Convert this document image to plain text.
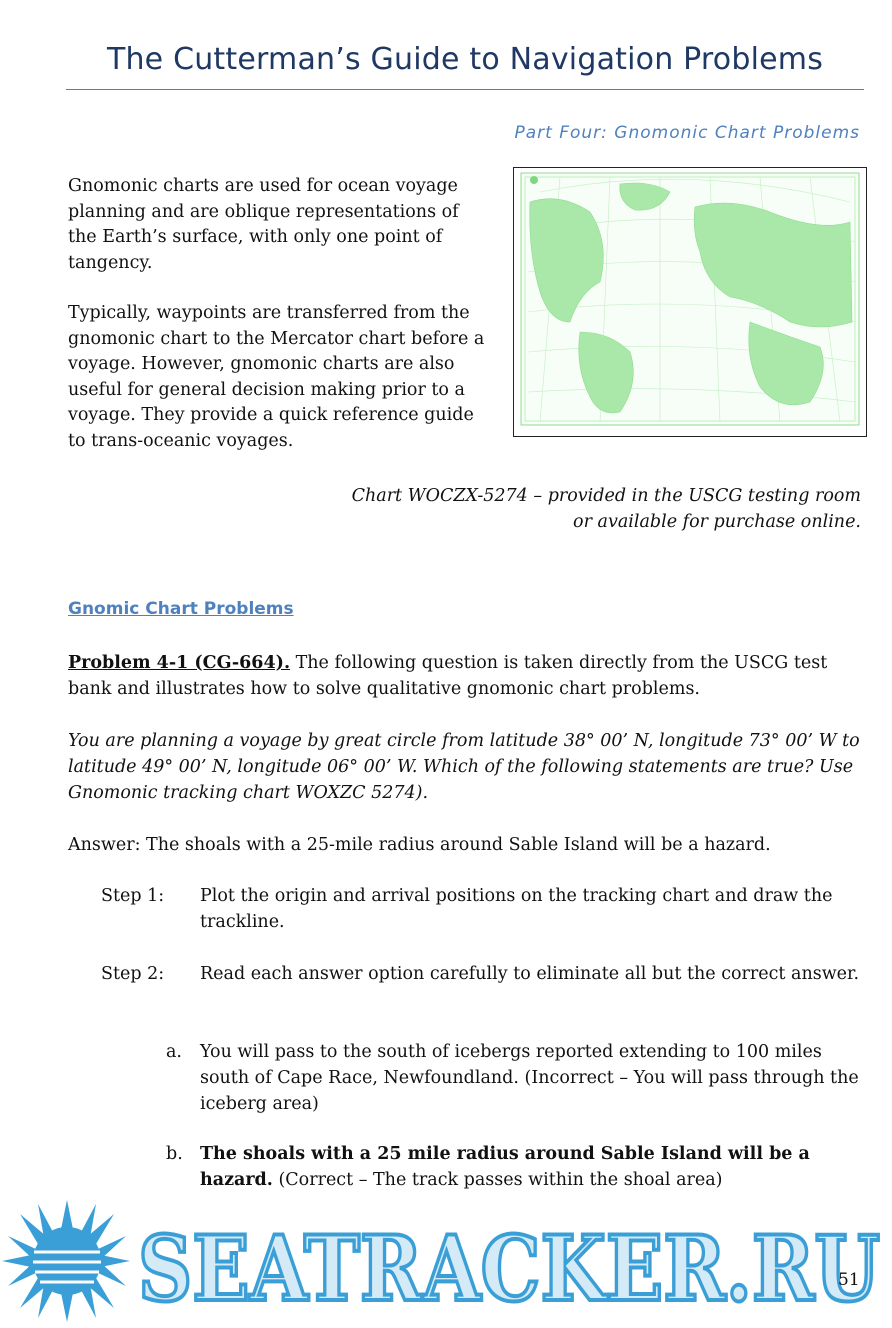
The Cutterman’s Guide to Navigation Problems
Part Four: Gnomonic Chart Problems

Gnomonic charts are used for ocean voyage planning and are oblique representations of the Earth’s surface, with only one point of tangency.

Typically, waypoints are transferred from the gnomonic chart to the Mercator chart before a voyage. However, gnomonic charts are also useful for general decision making prior to a voyage. They provide a quick reference guide to trans-oceanic voyages.

Chart WOCZX-5274 – provided in the USCG testing room
or available for purchase online.
Gnomic Chart Problems
Problem 4-1 (CG-664). The following question is taken directly from the USCG test bank and illustrates how to solve qualitative gnomonic chart problems.
You are planning a voyage by great circle from latitude 38° 00’ N, longitude 73° 00’ W to latitude 49° 00’ N, longitude 06° 00’ W. Which of the following statements are true? Use Gnomonic tracking chart WOXZC 5274).
Answer: The shoals with a 25-mile radius around Sable Island will be a hazard.
Step 1: Plot the origin and arrival positions on the tracking chart and draw the trackline.
Step 2: Read each answer option carefully to eliminate all but the correct answer.
a. You will pass to the south of icebergs reported extending to 100 miles south of Cape Race, Newfoundland. (Incorrect – You will pass through the iceberg area)
b. The shoals with a 25 mile radius around Sable Island will be a hazard. (Correct – The track passes within the shoal area)
SEATRACKER.RU
51
